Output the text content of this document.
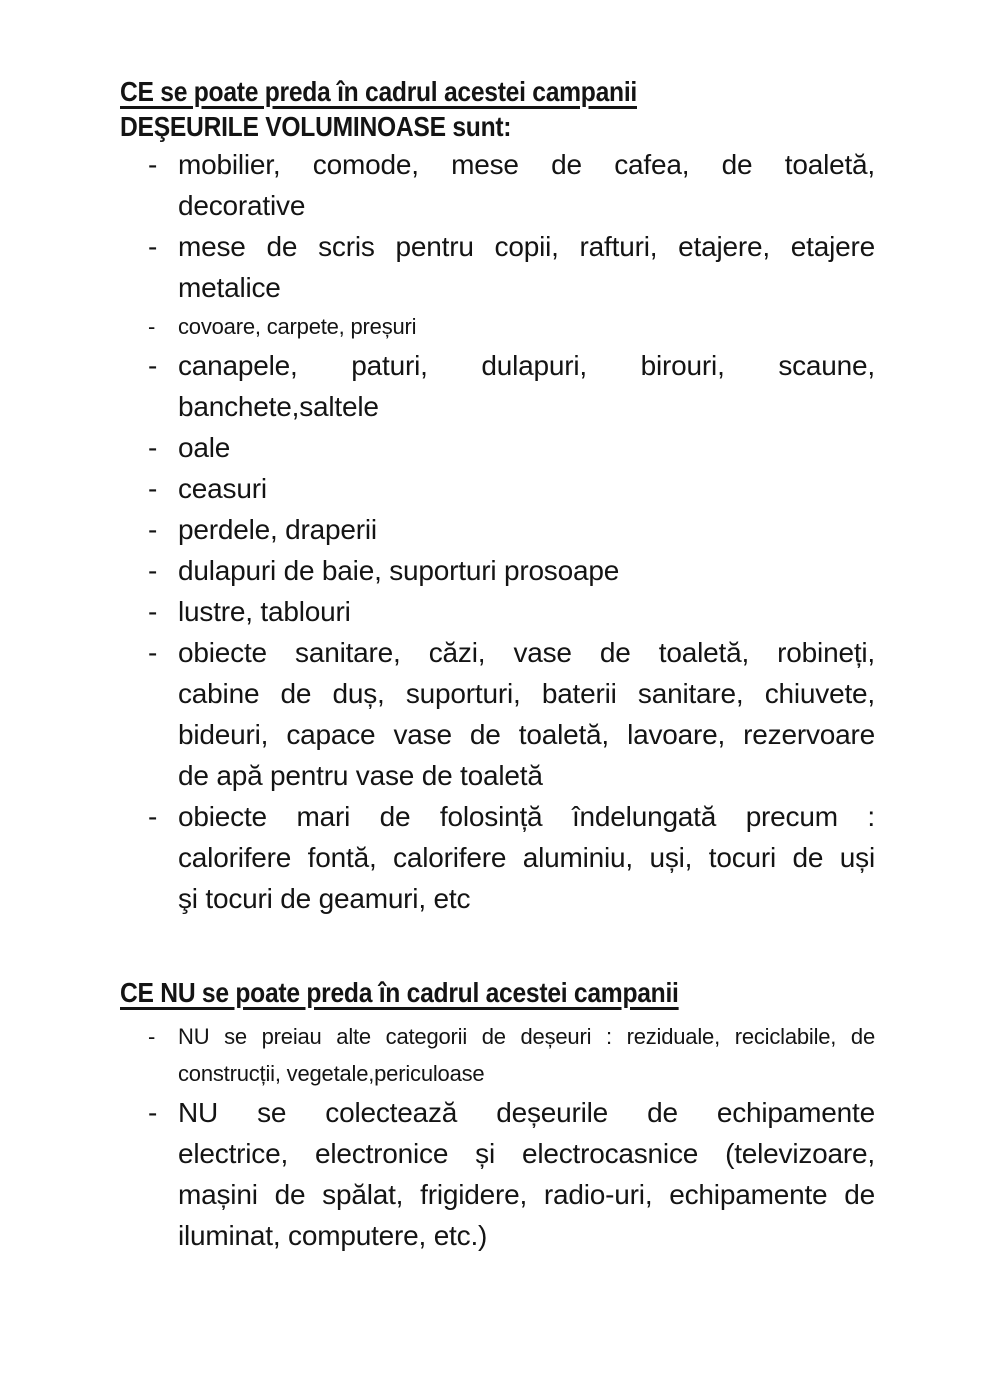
CE se poate preda în cadrul acestei campanii
DEŞEURILE VOLUMINOASE sunt:
- mobilier, comode, mese de cafea, de toaletă,
decorative
- mese de scris pentru copii, rafturi, etajere, etajere
metalice
- covoare, carpete, preșuri
- canapele, paturi, dulapuri, birouri, scaune,
banchete,saltele
- oale
- ceasuri
- perdele, draperii
- dulapuri de baie, suporturi prosoape
- lustre, tablouri
- obiecte sanitare, căzi, vase de toaletă, robineți,
cabine de duș, suporturi, baterii sanitare, chiuvete,
bideuri, capace vase de toaletă, lavoare, rezervoare
de apă pentru vase de toaletă
- obiecte mari de folosință îndelungată precum :
calorifere fontă, calorifere aluminiu, uși, tocuri de uși
şi tocuri de geamuri, etc
CE NU se poate preda în cadrul acestei campanii
- NU se preiau alte categorii de deșeuri : reziduale, reciclabile, de
construcții, vegetale,periculoase
- NU se colectează deșeurile de echipamente
electrice, electronice și electrocasnice (televizoare,
mașini de spălat, frigidere, radio-uri, echipamente de
iluminat, computere, etc.)
